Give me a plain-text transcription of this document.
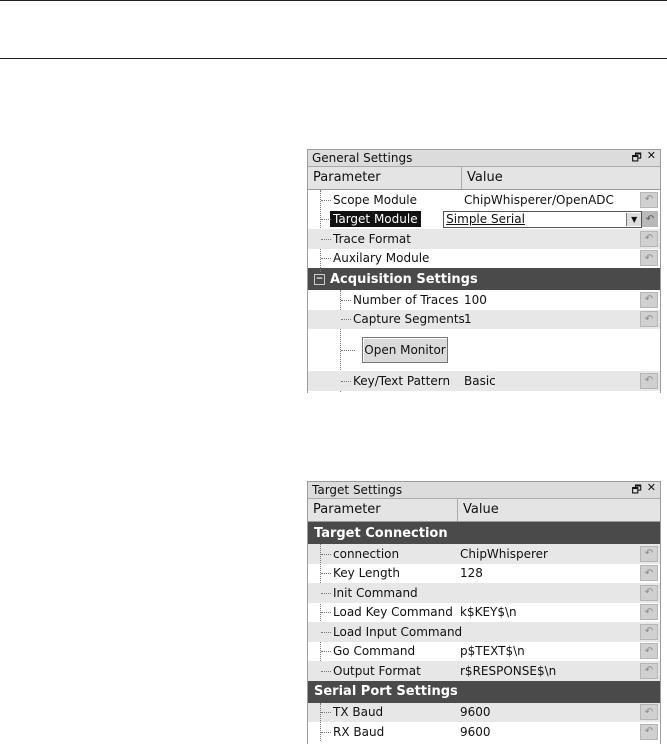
General Settings	🗗 ✕
Parameter	Value
Scope Module	ChipWhisperer/OpenADC	↶
Target Module	Simple Serial	▼ ↶
Trace Format	↶
Auxilary Module	↶
− Acquisition Settings
Number of Traces 100	↶
Capture Segments 1	↶
Open Monitor
Key/Text Pattern	Basic	↶
Target Settings	🗗 ✕
Parameter	Value
Target Connection
connection	ChipWhisperer	↶
Key Length	128	↶
Init Command	↶
Load Key Command k$KEY$\n	↶
Load Input Command	↶
Go Command	p$TEXT$\n	↶
Output Format	r$RESPONSE$\n	↶
Serial Port Settings
TX Baud	9600	↶
RX Baud	9600	↶
